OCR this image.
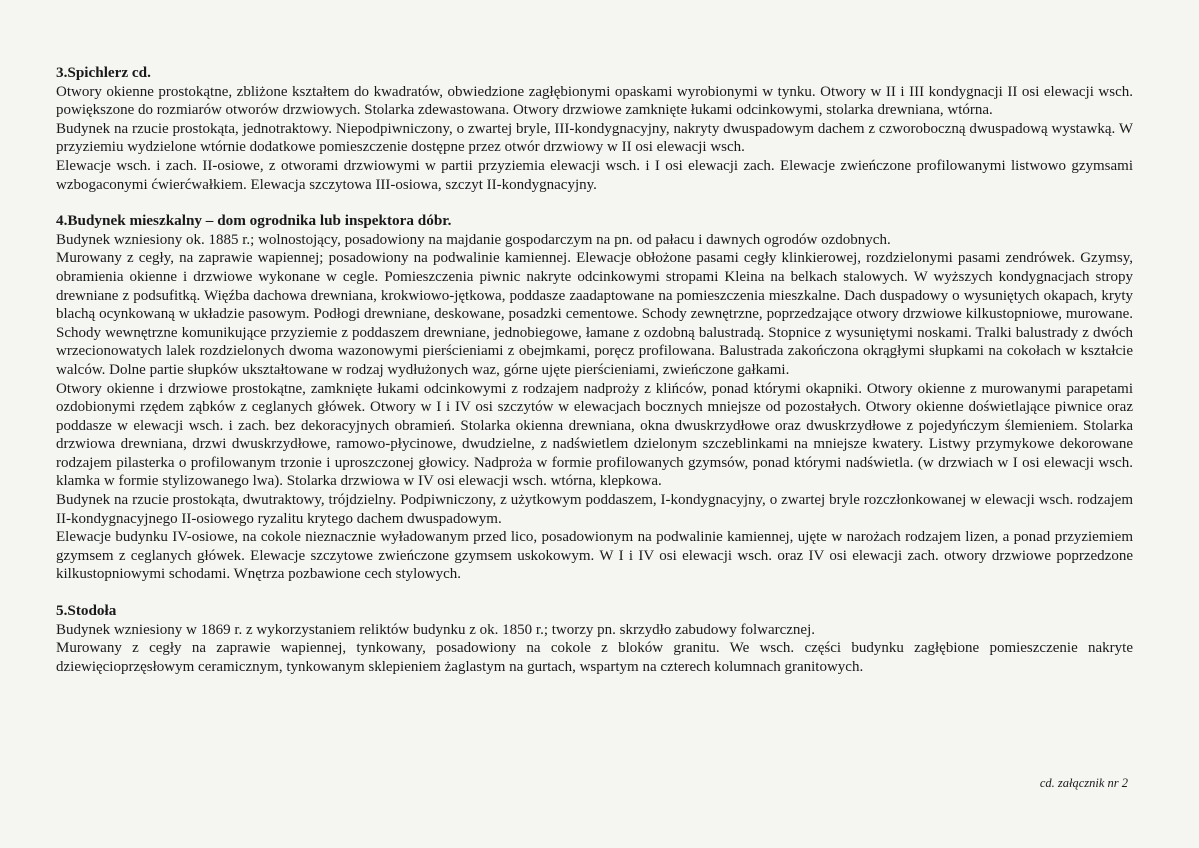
3.Spichlerz cd.

Otwory okienne prostokątne, zbliżone kształtem do kwadratów, obwiedzione zagłębionymi opaskami wyrobionymi w tynku. Otwory w II i III kondygnacji II osi elewacji wsch. powiększone do rozmiarów otworów drzwiowych. Stolarka zdewastowana. Otwory drzwiowe zamknięte łukami odcinkowymi, stolarka drewniana, wtórna.

Budynek na rzucie prostokąta, jednotraktowy. Niepodpiwniczony, o zwartej bryle, III-kondygnacyjny, nakryty dwuspadowym dachem z czworoboczną dwuspadową wystawką. W przyziemiu wydzielone wtórnie dodatkowe pomieszczenie dostępne przez otwór drzwiowy w II osi elewacji wsch.

Elewacje wsch. i zach. II-osiowe, z otworami drzwiowymi w partii przyziemia elewacji wsch. i I osi elewacji zach. Elewacje zwieńczone profilowanymi listwowo gzymsami wzbogaconymi ćwierćwałkiem. Elewacja szczytowa III-osiowa, szczyt II-kondygnacyjny.

4.Budynek mieszkalny – dom ogrodnika lub inspektora dóbr.

Budynek wzniesiony ok. 1885 r.; wolnostojący, posadowiony na majdanie gospodarczym na pn. od pałacu i dawnych ogrodów ozdobnych.

Murowany z cegły, na zaprawie wapiennej; posadowiony na podwalinie kamiennej. Elewacje obłożone pasami cegły klinkierowej, rozdzielonymi pasami zendrówek. Gzymsy, obramienia okienne i drzwiowe wykonane w cegle. Pomieszczenia piwnic nakryte odcinkowymi stropami Kleina na belkach stalowych. W wyższych kondygnacjach stropy drewniane z podsufitką. Więźba dachowa drewniana, krokwiowo-jętkowa, poddasze zaadaptowane na pomieszczenia mieszkalne. Dach duspadowy o wysuniętych okapach, kryty blachą ocynkowaną w układzie pasowym. Podłogi drewniane, deskowane, posadzki cementowe. Schody zewnętrzne, poprzedzające otwory drzwiowe kilkustopniowe, murowane. Schody wewnętrzne komunikujące przyziemie z poddaszem drewniane, jednobiegowe, łamane z ozdobną balustradą. Stopnice z wysuniętymi noskami. Tralki balustrady z dwóch wrzecionowatych lalek rozdzielonych dwoma wazonowymi pierścieniami z obejmkami, poręcz profilowana. Balustrada zakończona okrągłymi słupkami na cokołach w kształcie walców. Dolne partie słupków ukształtowane w rodzaj wydłużonych waz, górne ujęte pierścieniami, zwieńczone gałkami.

Otwory okienne i drzwiowe prostokątne, zamknięte łukami odcinkowymi z rodzajem nadproży z klińców, ponad którymi okapniki. Otwory okienne z murowanymi parapetami ozdobionymi rzędem ząbków z ceglanych główek. Otwory w I i IV osi szczytów w elewacjach bocznych mniejsze od pozostałych. Otwory okienne doświetlające piwnice oraz poddasze w elewacji wsch. i zach. bez dekoracyjnych obramień. Stolarka okienna drewniana, okna dwuskrzydłowe oraz dwuskrzydłowe z pojedyńczym ślemieniem. Stolarka drzwiowa drewniana, drzwi dwuskrzydłowe, ramowo-płycinowe, dwudzielne, z nadświetlem dzielonym szczeblinkami na mniejsze kwatery. Listwy przymykowe dekorowane rodzajem pilasterka o profilowanym trzonie i uproszczonej głowicy. Nadproża w formie profilowanych gzymsów, ponad którymi nadświetla. (w drzwiach w I osi elewacji wsch. klamka w formie stylizowanego lwa). Stolarka drzwiowa w IV osi elewacji wsch. wtórna, klepkowa.

Budynek na rzucie prostokąta, dwutraktowy, trójdzielny. Podpiwniczony, z użytkowym poddaszem, I-kondygnacyjny, o zwartej bryle rozczłonkowanej w elewacji wsch. rodzajem II-kondygnacyjnego II-osiowego ryzalitu krytego dachem dwuspadowym.

Elewacje budynku IV-osiowe, na cokole nieznacznie wyładowanym przed lico, posadowionym na podwalinie kamiennej, ujęte w narożach rodzajem lizen, a ponad przyziemiem gzymsem z ceglanych główek. Elewacje szczytowe zwieńczone gzymsem uskokowym. W I i IV osi elewacji wsch. oraz IV osi elewacji zach. otwory drzwiowe poprzedzone kilkustopniowymi schodami. Wnętrza pozbawione cech stylowych.

5.Stodoła

Budynek wzniesiony w 1869 r. z wykorzystaniem reliktów budynku z ok. 1850 r.; tworzy pn. skrzydło zabudowy folwarcznej.

Murowany z cegły na zaprawie wapiennej, tynkowany, posadowiony na cokole z bloków granitu. We wsch. części budynku zagłębione pomieszczenie nakryte dziewięcioprzęsłowym ceramicznym, tynkowanym sklepieniem żaglastym na gurtach, wspartym na czterech kolumnach granitowych.

cd. załącznik nr 2
